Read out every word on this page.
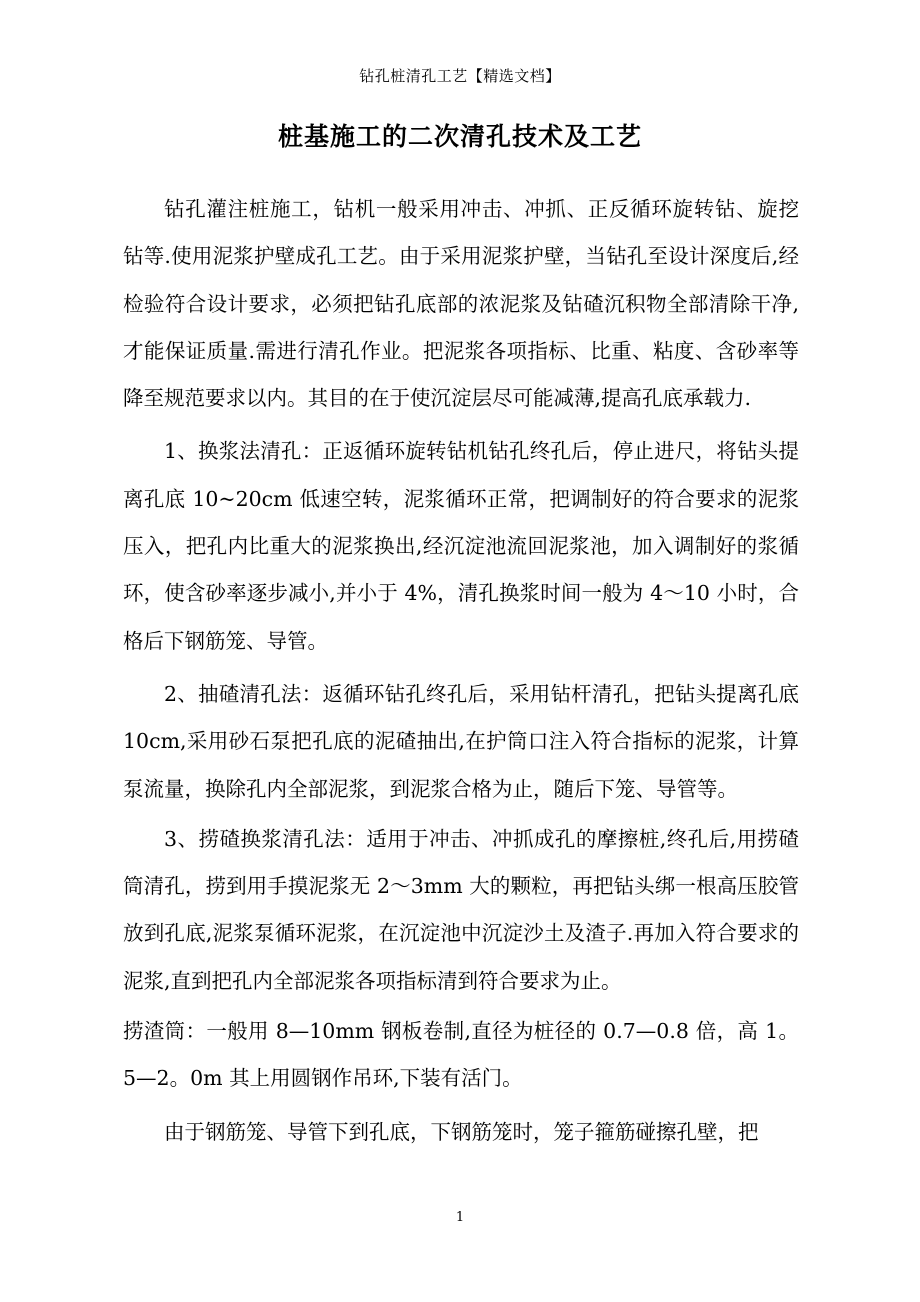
钻孔桩清孔工艺【精选文档】
桩基施工的二次清孔技术及工艺

钻孔灌注桩施工，钻机一般采用冲击、冲抓、正反循环旋转钻、旋挖钻等.使用泥浆护壁成孔工艺。由于采用泥浆护壁，当钻孔至设计深度后,经检验符合设计要求，必须把钻孔底部的浓泥浆及钻碴沉积物全部清除干净,才能保证质量.需进行清孔作业。把泥浆各项指标、比重、粘度、含砂率等降至规范要求以内。其目的在于使沉淀层尽可能减薄,提高孔底承载力.

1、换浆法清孔：正返循环旋转钻机钻孔终孔后，停止进尺，将钻头提离孔底 10~20cm 低速空转，泥浆循环正常，把调制好的符合要求的泥浆压入，把孔内比重大的泥浆换出,经沉淀池流回泥浆池，加入调制好的浆循环，使含砂率逐步减小,并小于 4%，清孔换浆时间一般为 4～10 小时，合格后下钢筋笼、导管。

2、抽碴清孔法：返循环钻孔终孔后，采用钻杆清孔，把钻头提离孔底 10cm,采用砂石泵把孔底的泥碴抽出,在护筒口注入符合指标的泥浆，计算泵流量，换除孔内全部泥浆，到泥浆合格为止，随后下笼、导管等。

3、捞碴换浆清孔法：适用于冲击、冲抓成孔的摩擦桩,终孔后,用捞碴筒清孔，捞到用手摸泥浆无 2～3mm 大的颗粒，再把钻头绑一根高压胶管放到孔底,泥浆泵循环泥浆，在沉淀池中沉淀沙土及渣子.再加入符合要求的泥浆,直到把孔内全部泥浆各项指标清到符合要求为止。

捞渣筒：一般用 8—10mm 钢板卷制,直径为桩径的 0.7—0.8 倍，高 1。5—2。0m 其上用圆钢作吊环,下装有活门。

由于钢筋笼、导管下到孔底，下钢筋笼时，笼子箍筋碰擦孔壁，把

1
